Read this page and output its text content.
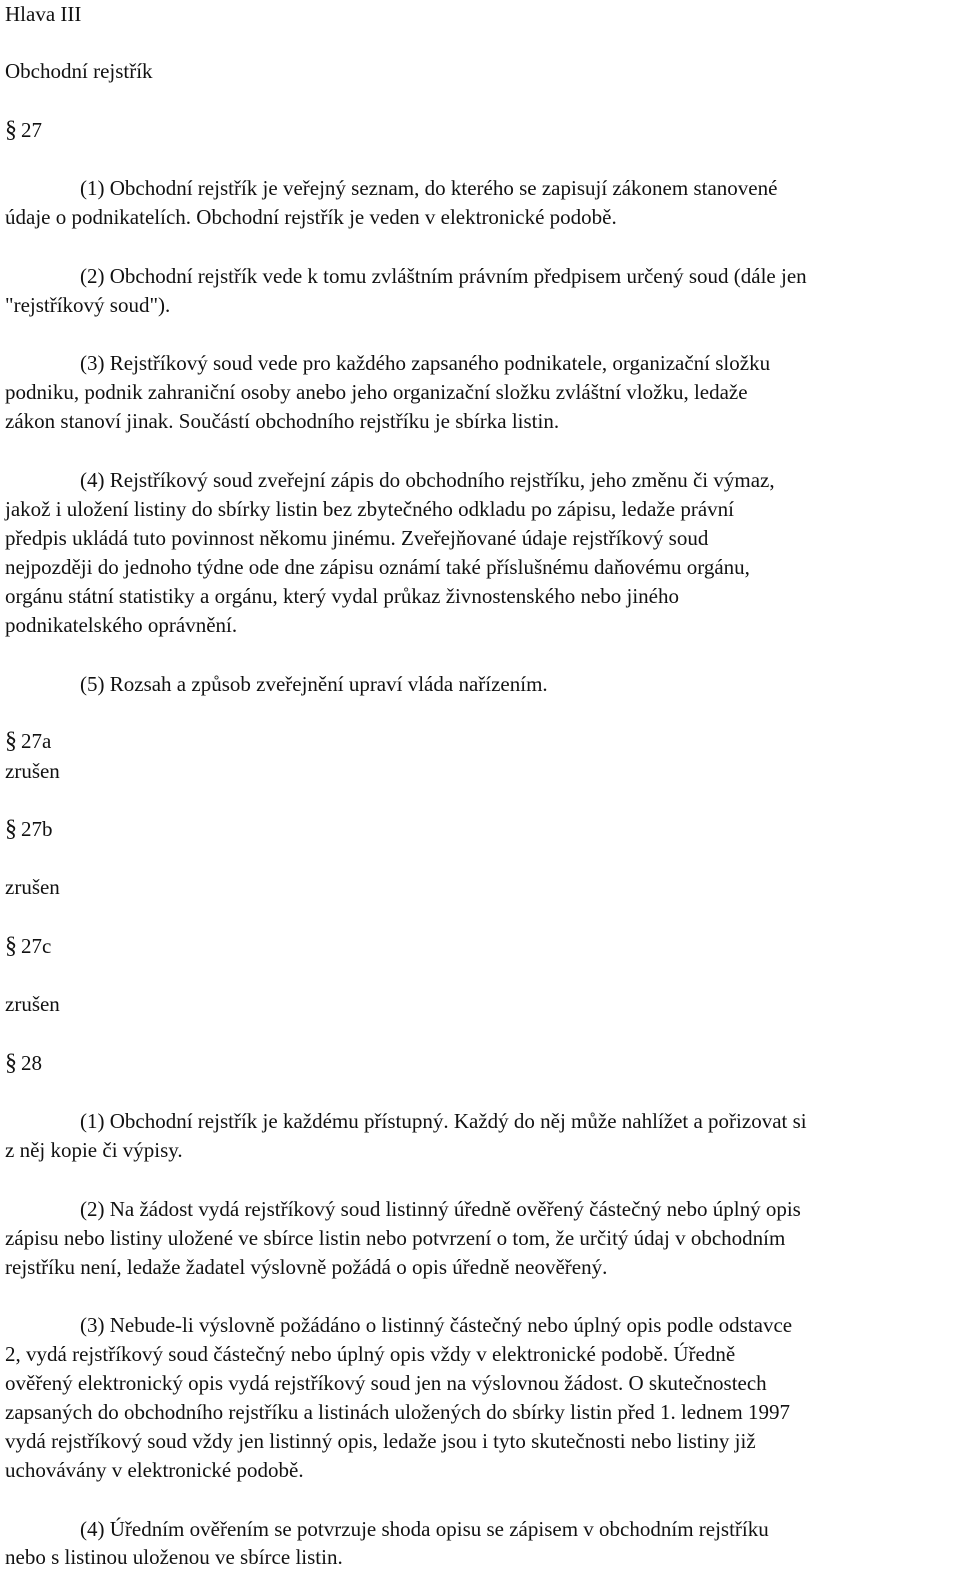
Hlava III
Obchodní rejstřík
§ 27
(1) Obchodní rejstřík je veřejný seznam, do kterého se zapisují zákonem stanovené
údaje o podnikatelích. Obchodní rejstřík je veden v elektronické podobě.
(2) Obchodní rejstřík vede k tomu zvláštním právním předpisem určený soud (dále jen
"rejstříkový soud").
(3) Rejstříkový soud vede pro každého zapsaného podnikatele, organizační složku
podniku, podnik zahraniční osoby anebo jeho organizační složku zvláštní vložku, ledaže
zákon stanoví jinak. Součástí obchodního rejstříku je sbírka listin.
(4) Rejstříkový soud zveřejní zápis do obchodního rejstříku, jeho změnu či výmaz,
jakož i uložení listiny do sbírky listin bez zbytečného odkladu po zápisu, ledaže právní
předpis ukládá tuto povinnost někomu jinému. Zveřejňované údaje rejstříkový soud
nejpozději do jednoho týdne ode dne zápisu oznámí také příslušnému daňovému orgánu,
orgánu státní statistiky a orgánu, který vydal průkaz živnostenského nebo jiného
podnikatelského oprávnění.
(5) Rozsah a způsob zveřejnění upraví vláda nařízením.
§ 27a
zrušen
§ 27b
zrušen
§ 27c
zrušen
§ 28
(1) Obchodní rejstřík je každému přístupný. Každý do něj může nahlížet a pořizovat si
z něj kopie či výpisy.
(2) Na žádost vydá rejstříkový soud listinný úředně ověřený částečný nebo úplný opis
zápisu nebo listiny uložené ve sbírce listin nebo potvrzení o tom, že určitý údaj v obchodním
rejstříku není, ledaže žadatel výslovně požádá o opis úředně neověřený.
(3) Nebude-li výslovně požádáno o listinný částečný nebo úplný opis podle odstavce
2, vydá rejstříkový soud částečný nebo úplný opis vždy v elektronické podobě. Úředně
ověřený elektronický opis vydá rejstříkový soud jen na výslovnou žádost. O skutečnostech
zapsaných do obchodního rejstříku a listinách uložených do sbírky listin před 1. lednem 1997
vydá rejstříkový soud vždy jen listinný opis, ledaže jsou i tyto skutečnosti nebo listiny již
uchovávány v elektronické podobě.
(4) Úředním ověřením se potvrzuje shoda opisu se zápisem v obchodním rejstříku
nebo s listinou uloženou ve sbírce listin.
